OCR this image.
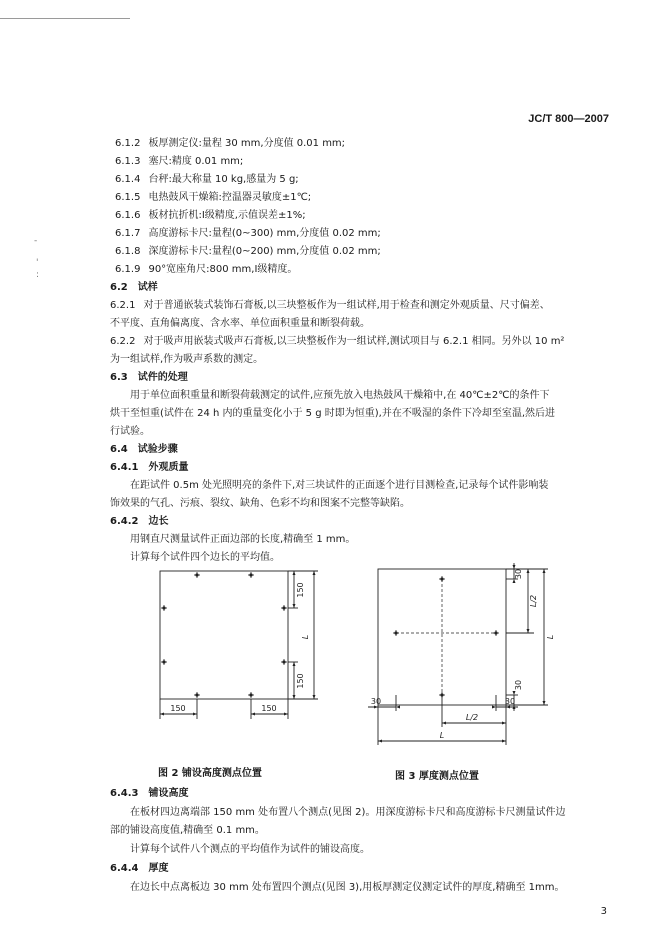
-
'
:
JC/T 800—2007
6.1.2 板厚测定仪:量程 30 mm,分度值 0.01 mm;
6.1.3 塞尺:精度 0.01 mm;
6.1.4 台秤:最大称量 10 kg,感量为 5 g;
6.1.5 电热鼓风干燥箱:控温器灵敏度±1℃;
6.1.6 板材抗折机:Ⅰ级精度,示值误差±1%;
6.1.7 高度游标卡尺:量程(0~300) mm,分度值 0.02 mm;
6.1.8 深度游标卡尺:量程(0~200) mm,分度值 0.02 mm;
6.1.9 90°宽座角尺:800 mm,Ⅰ级精度。
6.2 试样
6.2.1 对于普通嵌装式装饰石膏板,以三块整板作为一组试样,用于检查和测定外观质量、尺寸偏差、
不平度、直角偏离度、含水率、单位面积重量和断裂荷载。
6.2.2 对于吸声用嵌装式吸声石膏板,以三块整板作为一组试样,测试项目与 6.2.1 相同。另外以 10 m²
为一组试样,作为吸声系数的测定。
6.3 试件的处理
用于单位面积重量和断裂荷载测定的试件,应预先放入电热鼓风干燥箱中,在 40℃±2℃的条件下
烘干至恒重(试件在 24 h 内的重量变化小于 5 g 时即为恒重),并在不吸湿的条件下冷却至室温,然后进
行试验。
6.4 试验步骤
6.4.1 外观质量
在距试件 0.5m 处光照明亮的条件下,对三块试件的正面逐个进行目测检查,记录每个试件影响装
饰效果的气孔、污痕、裂纹、缺角、色彩不均和图案不完整等缺陷。
6.4.2 边长
用钢直尺测量试件正面边部的长度,精确至 1 mm。
计算每个试件四个边长的平均值。
150
L
150
150	150
30
L/2
L
30
30	30
L/2
L
图 2 铺设高度测点位置	图 3 厚度测点位置
6.4.3 铺设高度
在板材四边离端部 150 mm 处布置八个测点(见图 2)。用深度游标卡尺和高度游标卡尺测量试件边
部的铺设高度值,精确至 0.1 mm。
计算每个试件八个测点的平均值作为试件的铺设高度。
6.4.4 厚度
在边长中点离板边 30 mm 处布置四个测点(见图 3),用板厚测定仪测定试件的厚度,精确至 1mm。
3
